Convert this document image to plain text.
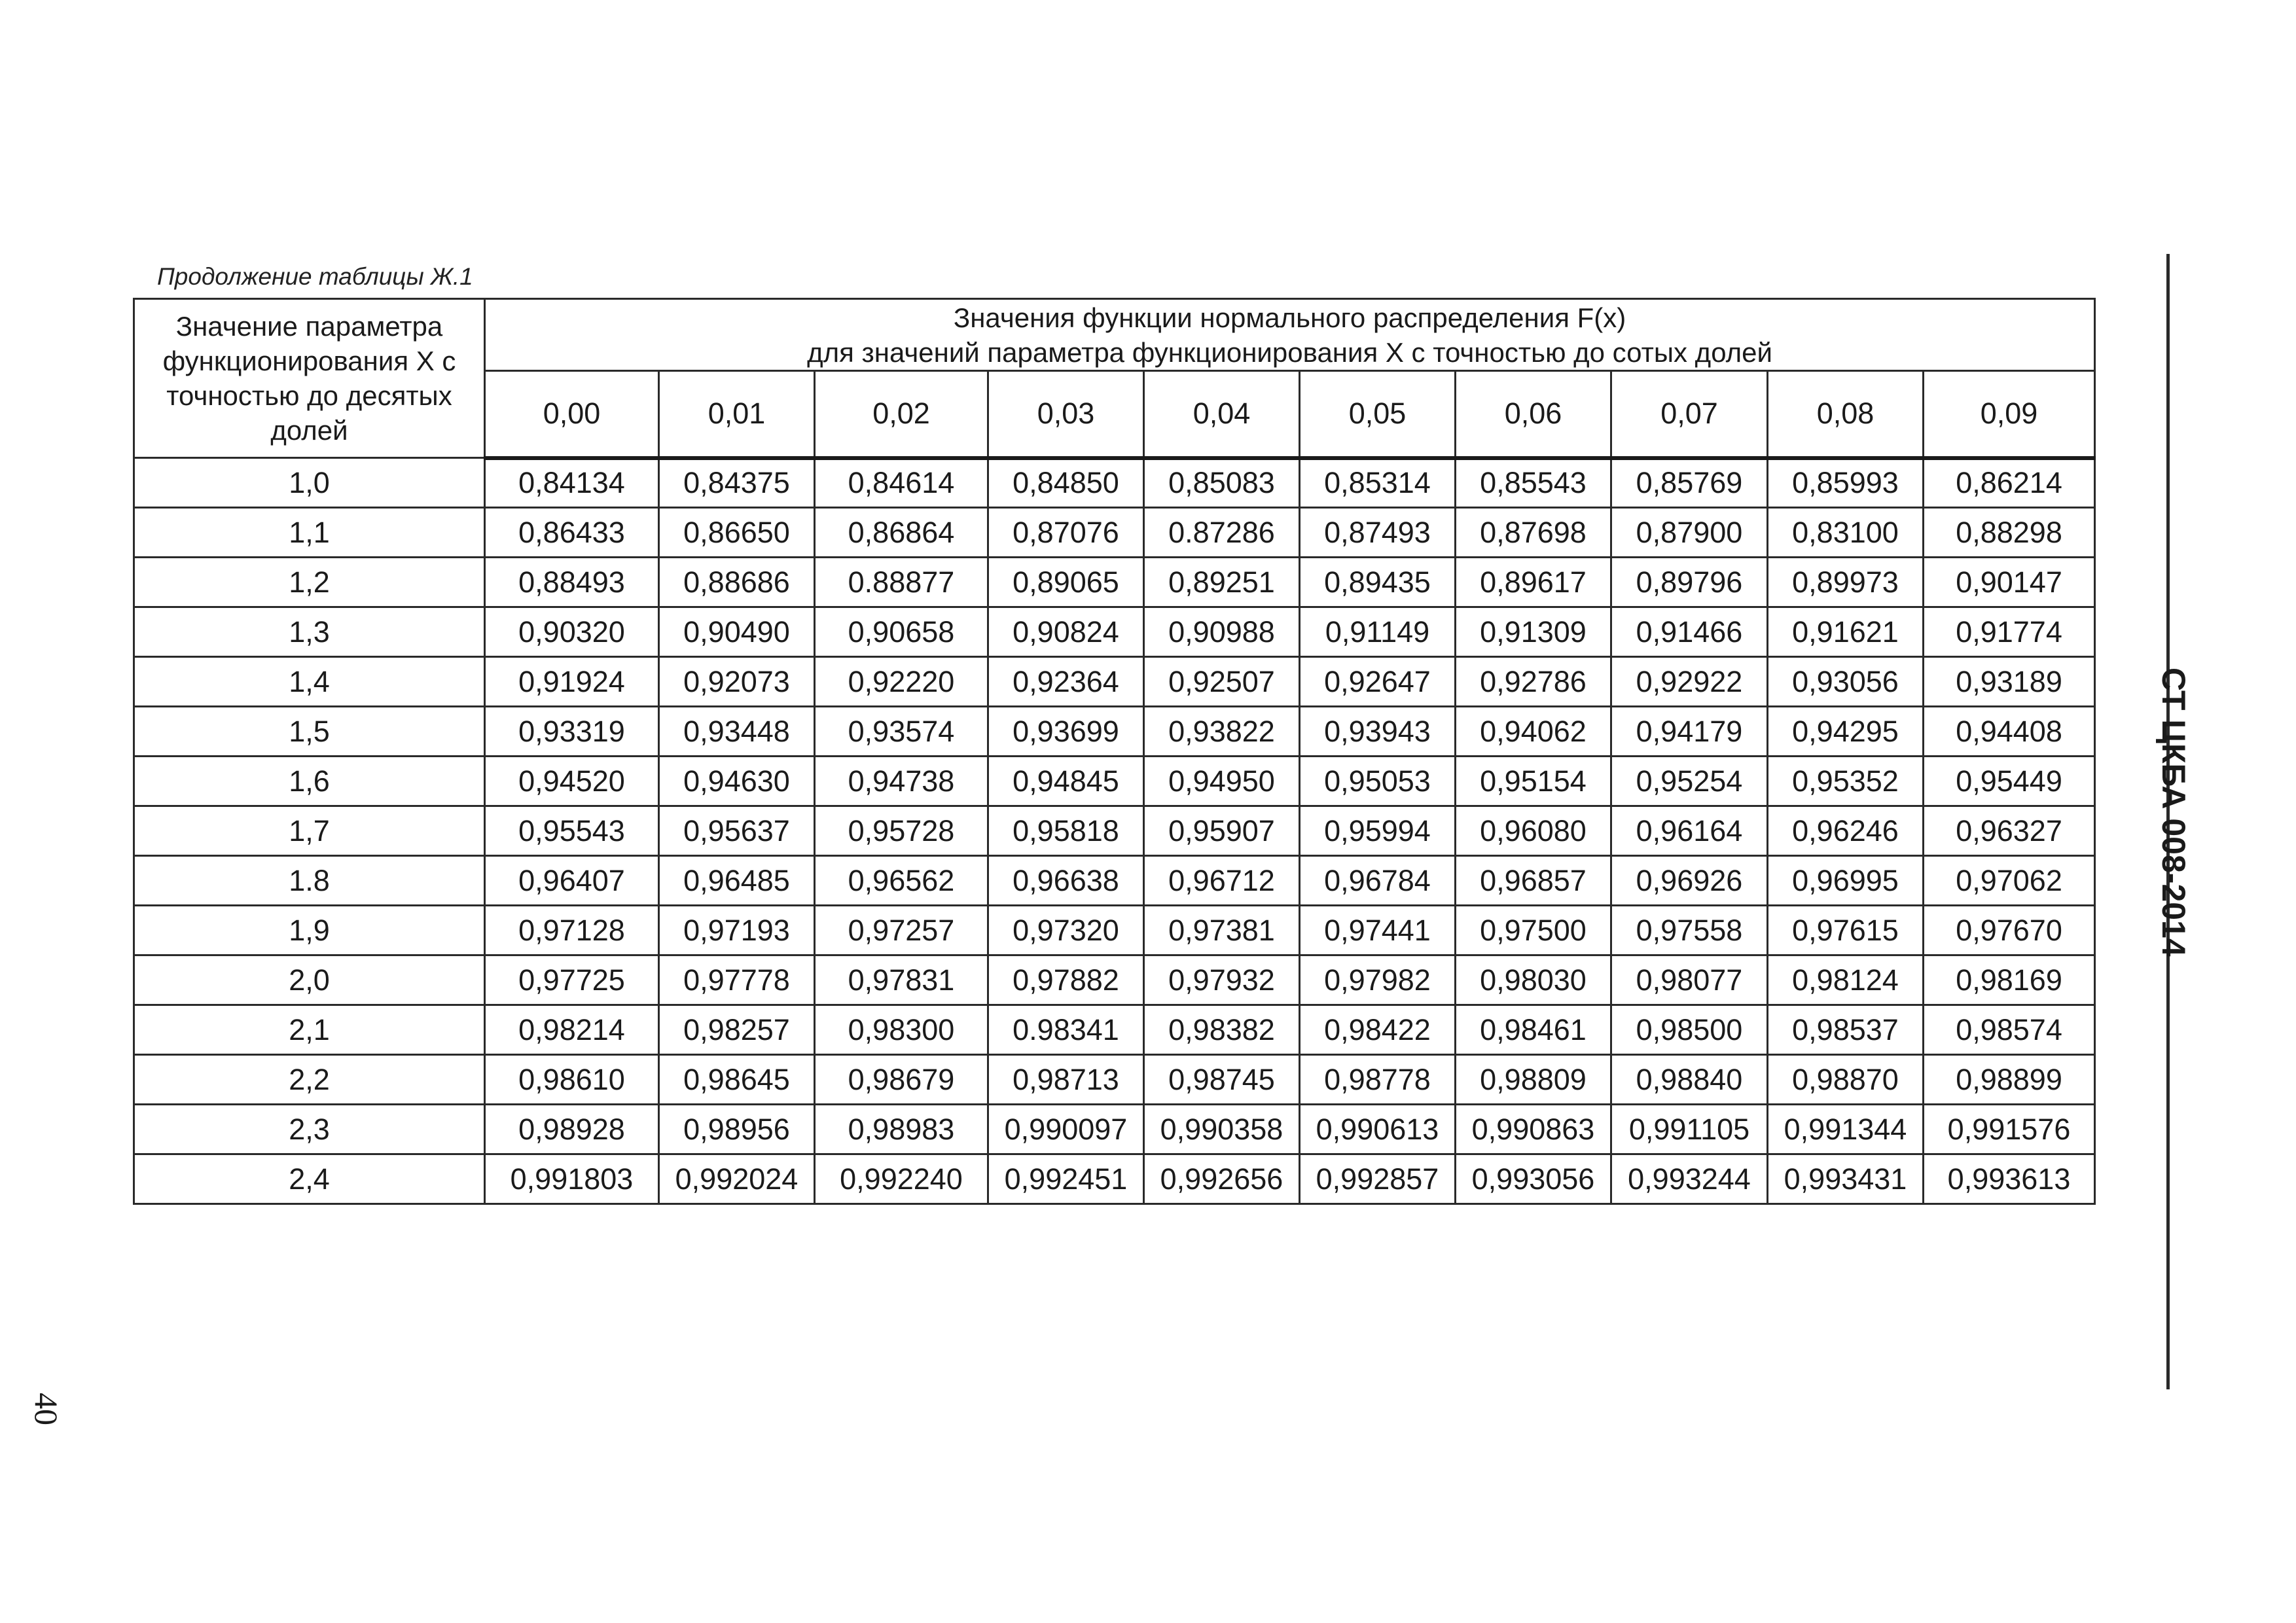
Продолжение таблицы Ж.1
Значение параметра функционирования X с точностью до десятых долей	Значения функции нормального распределения F(x)
для значений параметра функционирования X с точностью до сотых долей									

	0,00	0,01	0,02	0,03	0,04	0,05	0,06	0,07	0,08	0,09
1,0	0,84134	0,84375	0,84614	0,84850	0,85083	0,85314	0,85543	0,85769	0,85993	0,86214
1,1	0,86433	0,86650	0,86864	0,87076	0.87286	0,87493	0,87698	0,87900	0,83100	0,88298
1,2	0,88493	0,88686	0.88877	0,89065	0,89251	0,89435	0,89617	0,89796	0,89973	0,90147
1,3	0,90320	0,90490	0,90658	0,90824	0,90988	0,91149	0,91309	0,91466	0,91621	0,91774
1,4	0,91924	0,92073	0,92220	0,92364	0,92507	0,92647	0,92786	0,92922	0,93056	0,93189
1,5	0,93319	0,93448	0,93574	0,93699	0,93822	0,93943	0,94062	0,94179	0,94295	0,94408
1,6	0,94520	0,94630	0,94738	0,94845	0,94950	0,95053	0,95154	0,95254	0,95352	0,95449
1,7	0,95543	0,95637	0,95728	0,95818	0,95907	0,95994	0,96080	0,96164	0,96246	0,96327
1.8	0,96407	0,96485	0,96562	0,96638	0,96712	0,96784	0,96857	0,96926	0,96995	0,97062
1,9	0,97128	0,97193	0,97257	0,97320	0,97381	0,97441	0,97500	0,97558	0,97615	0,97670
2,0	0,97725	0,97778	0,97831	0,97882	0,97932	0,97982	0,98030	0,98077	0,98124	0,98169
2,1	0,98214	0,98257	0,98300	0.98341	0,98382	0,98422	0,98461	0,98500	0,98537	0,98574
2,2	0,98610	0,98645	0,98679	0,98713	0,98745	0,98778	0,98809	0,98840	0,98870	0,98899
2,3	0,98928	0,98956	0,98983	0,990097	0,990358	0,990613	0,990863	0,991105	0,991344	0,991576
2,4	0,991803	0,992024	0,992240	0,992451	0,992656	0,992857	0,993056	0,993244	0,993431	0,993613
СТ ЦКБА 008-2014
40
